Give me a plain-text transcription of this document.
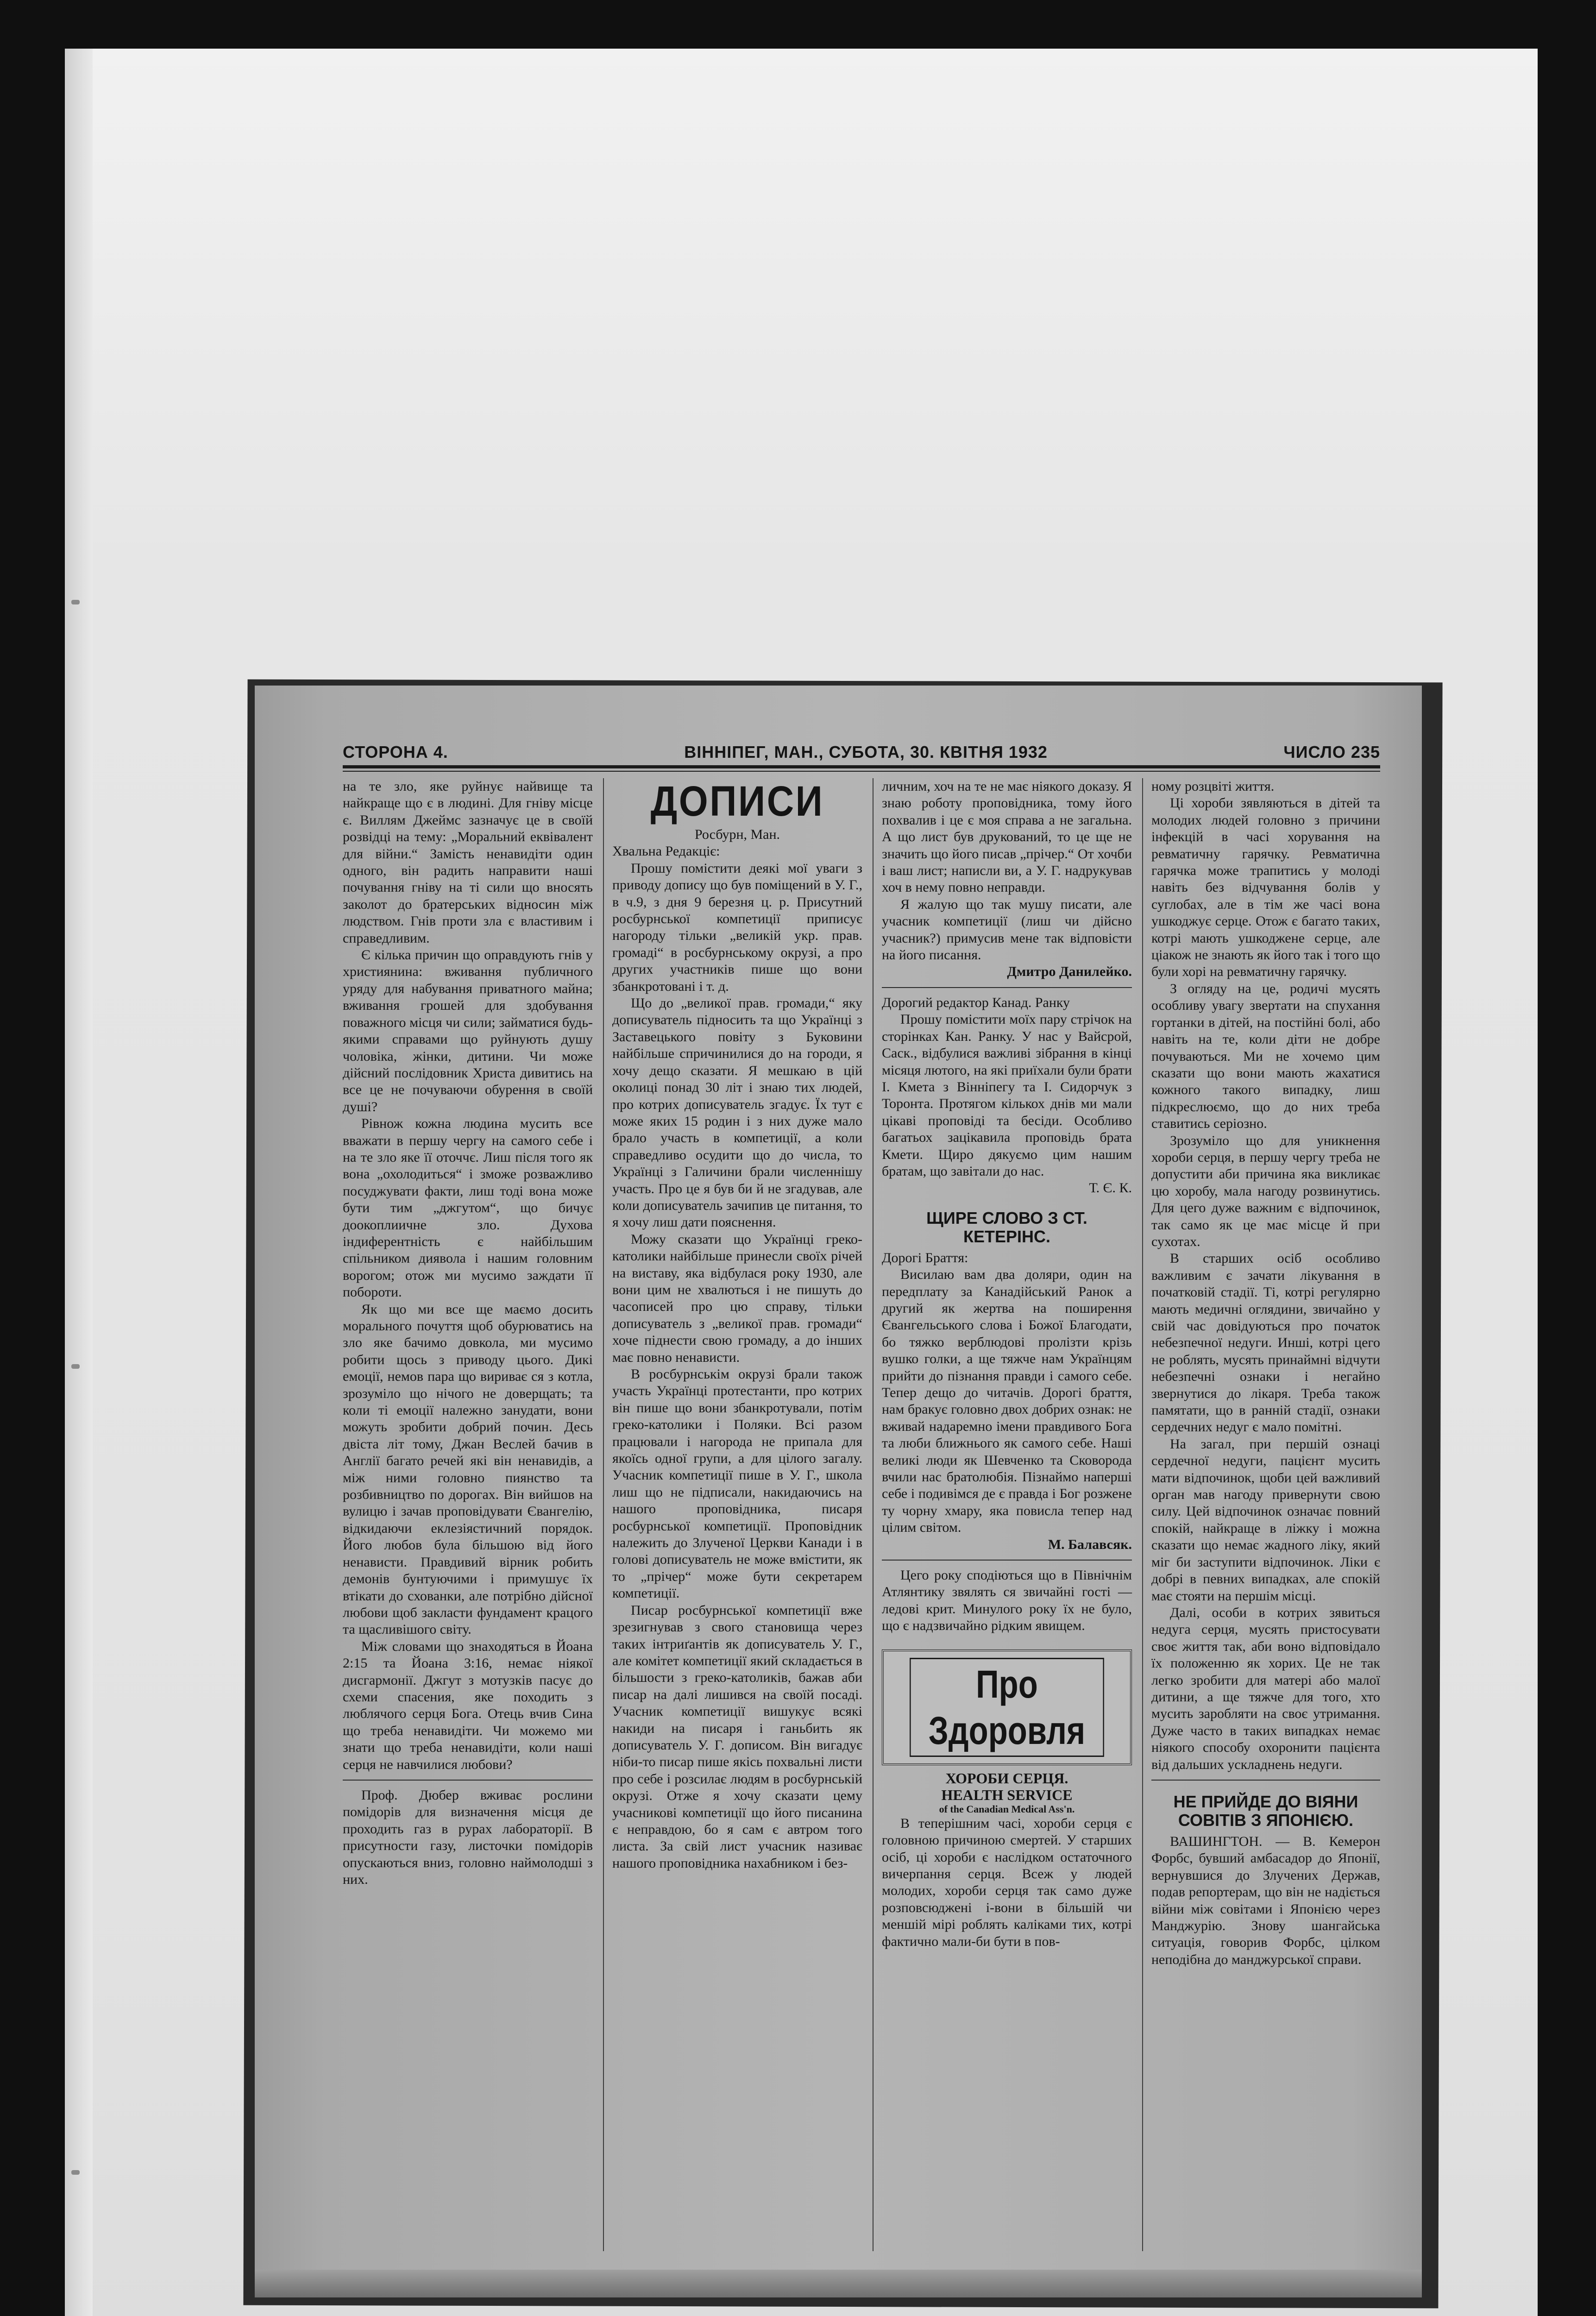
СТОРОНА 4.	ВІННІПЕГ, МАН., СУБОТА, 30. КВІТНЯ 1932	ЧИСЛО 235

на те зло, яке руйнує найвище та найкраще що є в людині. Для гніву місце є. Виллям Джеймс зазначує це в своїй розвідці на тему: „Моральний еквівалент для війни.“ Замість ненавидіти один одного, він радить направити наші почування гніву на ті сили що вносять заколот до братерських відносин між людством. Гнів проти зла є властивим і справедливим.

Є кілька причин що оправдують гнів у християнина: вживання публичного уряду для набування приватного майна; вживання грошей для здобування поважного місця чи сили; займатися будь-якими справами що руйнують душу чоловіка, жінки, дитини. Чи може дійсний послідовник Христа дивитись на все це не почуваючи обурення в своїй душі?

Рівнож кожна людина мусить все вважати в першу чергу на самого себе і на те зло яке її оточчє. Лиш після того як вона „охолодиться“ і зможе розважливо посуджувати факти, лиш тоді вона може бути тим „джгутом“, що бичує доокоплиичне зло. Духова індиферентність є найбільшим спільником диявола і нашим головним ворогом; отож ми мусимо заждати її побороти.

Як що ми все ще маємо досить морального почуття щоб обурюватись на зло яке бачимо довкола, ми мусимо робити щось з приводу цього. Дикі емоції, немов пара що вириває ся з котла, зрозуміло що нічого не доверщать; та коли ті емоції належно занудати, вони можуть зробити добрий почин. Десь двіста літ тому, Джан Веслей бачив в Англії багато речей які він ненавидів, а між ними головно пиянство та розбивництво по дорогах. Він вийшов на вулицю і зачав проповідувати Євангелію, відкидаючи еклезіястичний порядок. Його любов була більшою від його ненависти. Правдивий вірник робить демонів бунтуючими і примушує їх втікати до схованки, але потрібно дійсної любови щоб заклacти фундамент крацого та щасливішого світу.

Між словами що знаходяться в Йоана 2:15 та Йоана 3:16, немає ніякої дисгармонії. Джгут з мотузків пасує до схеми спасения, яке походить з люблячого серця Бога. Отець вчив Сина що треба ненавидіти. Чи можемо ми знати що треба ненавидіти, коли наші серця не навчилися любови?

Проф. Дюбер вживає рослини помідорів для визначення місця де проходить газ в рурах лабораторії. В присутности газу, листочки помідорів опускаються вниз, головно наймолодші з них.

ДОПИСИ

Росбурн, Ман.

Хвальна Редакціє:

Прошу помістити деякі мої уваги з приводу допису що був поміщений в У. Г., в ч.9, з дня 9 березня ц. р. Присутний росбурнської компетиції приписує нагороду тільки „великій укр. прав. громаді“ в росбурнському окрузі, а про других участників пише що вони збанкротовані і т. д.

Що до „великої прав. громади,“ яку дописуватель підносить та що Українці з Заставецького повіту з Буковини найбільше спричинилися до на городи, я хочу дещо сказати. Я мешкаю в цій околиці понад 30 літ і знаю тих людей, про котрих дописуватель згадує. Їх тут є може яких 15 родин і з них дуже мало брало участь в компетиції, а коли справедливо осудити що до числа, то Українці з Галичини брали численнішу участь. Про це я був би й не згадував, але коли дописуватель зачипив це питання, то я хочу лиш дати пояснення.

Можу сказати що Українці греко-католики найбільше принесли своїх річей на виставу, яка відбулася року 1930, але вони цим не хвалються і не пишуть до часописей про цю справу, тільки дописуватель з „великої прав. громади“ хоче піднести свою громаду, а до інших має повно ненависти.

В росбурнськім окрузі брали також участь Українці протестанти, про котрих він пише що вони збанкротували, потім греко-католики і Поляки. Всі разом працювали і нагорода не припала для якоїсь одної групи, а для цілого загалу. Учасник компетиції пише в У. Г., школа лиш що не підписали, накидаючись на нашого проповідника, писаря росбурнської компетиції. Проповідник належить до Злученої Церкви Канади і в голові дописуватель не може вмістити, як то „прічер“ може бути секретарем компетиції.

Писар росбурнської компетиції вже зрезигнував з свого становища через таких інтриґантів як дописуватель У. Г., але комітет компетиції який складається в більшости з греко-католиків, бажав аби писар на далі лишився на своїй посаді. Учасник компетиції вишукує всякі накиди на писаря і ганьбить як дописуватель У. Г. дописом. Він вигадує ніби-то писар пише якісь похвальні листи про себе і розсилає людям в росбурнській окрузі. Отже я хочу сказати цему учасникові компетиції що його писанина є неправдою, бо я сам є автром того листа. За свій лист учасник називає нашого проповідника нахабником і без-

личним, хоч на те не має ніякого доказу. Я знаю роботу проповідника, тому його похвалив і це є моя справа а не загальна. А що лист був друкований, то це ще не значить що його писав „прічер.“ От хочби і ваш лист; написли ви, а У. Г. надрукував хоч в нему повно неправди.

Я жалую що так мушу писати, але учасник компетиції (лиш чи дійсно учасник?) примусив мене так відповісти на його писання.

Дмитро Данилейко.

Дорогий редактор Канад. Ранку

Прошу помістити моїх пару стрічок на сторінках Кан. Ранку. У нас у Вайсрой, Саск., відбулися важливі зібрання в кінці місяця лютого, на які приїхали були брати І. Кмета з Вінніпегу та І. Сидорчук з Торонта. Протягом кількох днів ми мали цікаві проповіді та бесіди. Особливо багатьох зацікавила проповідь брата Кмети. Щиро дякуємо цим нашим братам, що завітали до нас.

Т. Є. К.

ЩИРЕ СЛОВО З СТ. КЕТЕРІНС.

Дорогі Браття:

Висилаю вам два доляри, один на передплату за Канадійський Ранок а другий як жертва на поширення Євангельського слова і Божої Благодати, бо тяжко верблюдові пролізти крізь вушко голки, а ще тяжче нам Українцям прийти до пізнання правди і самого себе. Тепер дещо до читачів. Дорогі браття, нам бракує головно двох добрих ознак: не вживай надаремно імени правдивого Бога та люби ближнього як самого себе. Наші великі люди як Шевченко та Сковорода вчили нас братолюбія. Пізнаймо наперші себе і подивімся де є правда і Бог розжене ту чорну хмару, яка повисла тепер над цілим світом.

М. Балавсяк.

Цего року сподіються що в Північнім Атлянтику звялять ся звичайні гості — ледові крит. Минулого року їх не було, що є надзвичайно рідким явищем.

Про Здоровля
ХОРОБИ СЕРЦЯ.
HEALTH SERVICE
of the Canadian Medical Ass'n.

В теперішним часі, хороби серця є головною причиною смертей. У старших осіб, ці хороби є наслідком остаточного вичерпання серця. Всеж у людей молодих, хороби серця так само дуже розповсюджені і-вони в більшій чи меншій мірі роблять каліками тих, котрі фактично мали-би бути в пов-

ному розцвіті життя.

Ці хороби зявляються в дітей та молодих людей головно з причини інфекцій в часі хорування на ревматичну гарячку. Ревматична гарячка може трапитись у молоді навіть без відчування болів у суглобах, але в тім же часі вона ушкоджує серце. Отож є багато таких, котрі мають ушкоджене серце, але ціакож не знають як його так і того що були хорі на ревматичну гарячку.

З огляду на це, родичі мусять особливу увагу звертати на спухання гортанки в дітей, на постійні болі, або навіть на те, коли діти не добре почуваються. Ми не хочемо цим сказати що вони мають жахатися кожного такого випадку, лиш підкреслюємо, що до них треба ставитись серіозно.

Зрозуміло що для уникнення хороби серця, в першу чергу треба не допустити аби причина яка викликає цю хоробу, мала нагоду розвинутись. Для цего дуже важним є відпочинок, так само як це має місце й при сухотах.

В старших осіб особливо важливим є зачати лікування в початковій стадії. Ті, котрі регулярно мають медичні оглядини, звичайно у свій час довідуються про початок небезпечної недуги. Инші, котрі цего не роблять, мусять принаймні відчути небезпечні ознаки і негайно звернутися до лікаря. Треба також памятати, що в ранній стадії, ознаки сердечних недуг є мало помітні.

На загал, при першій ознаці сердечної недуги, пацієнт мусить мати відпочинок, щоби цей важливий орган мав нагоду привернути свою силу. Цей відпочинок означає повний спокій, найкраще в ліжку і можна сказати що немає жадного ліку, який міг би заступити відпочинок. Ліки є добрі в певних випадках, але спокій має стояти на першім місці.

Далі, особи в котрих зявиться недуга серця, мусять пристосувати своє життя так, аби воно відповідало їх положенню як хорих. Це не так легко зробити для матері або малої дитини, а ще тяжче для того, хто мусить заробляти на своє утримання. Дуже часто в таких випадках немає ніякого способу охоронити пацієнта від дальших ускладнень недуги.

НЕ ПРИЙДЕ ДО ВІЯНИ СОВІТІВ З ЯПОНІЄЮ.

ВАШИНГТОН. — В. Кемерон Форбс, бувший амбасадор до Японії, вернувшися до Злучених Держав, подав репортерам, що він не надіється війни між совітами і Японією через Манджурію. Знову шангайська ситуація, говорив Форбс, цілком неподібна до манджурської справи.
